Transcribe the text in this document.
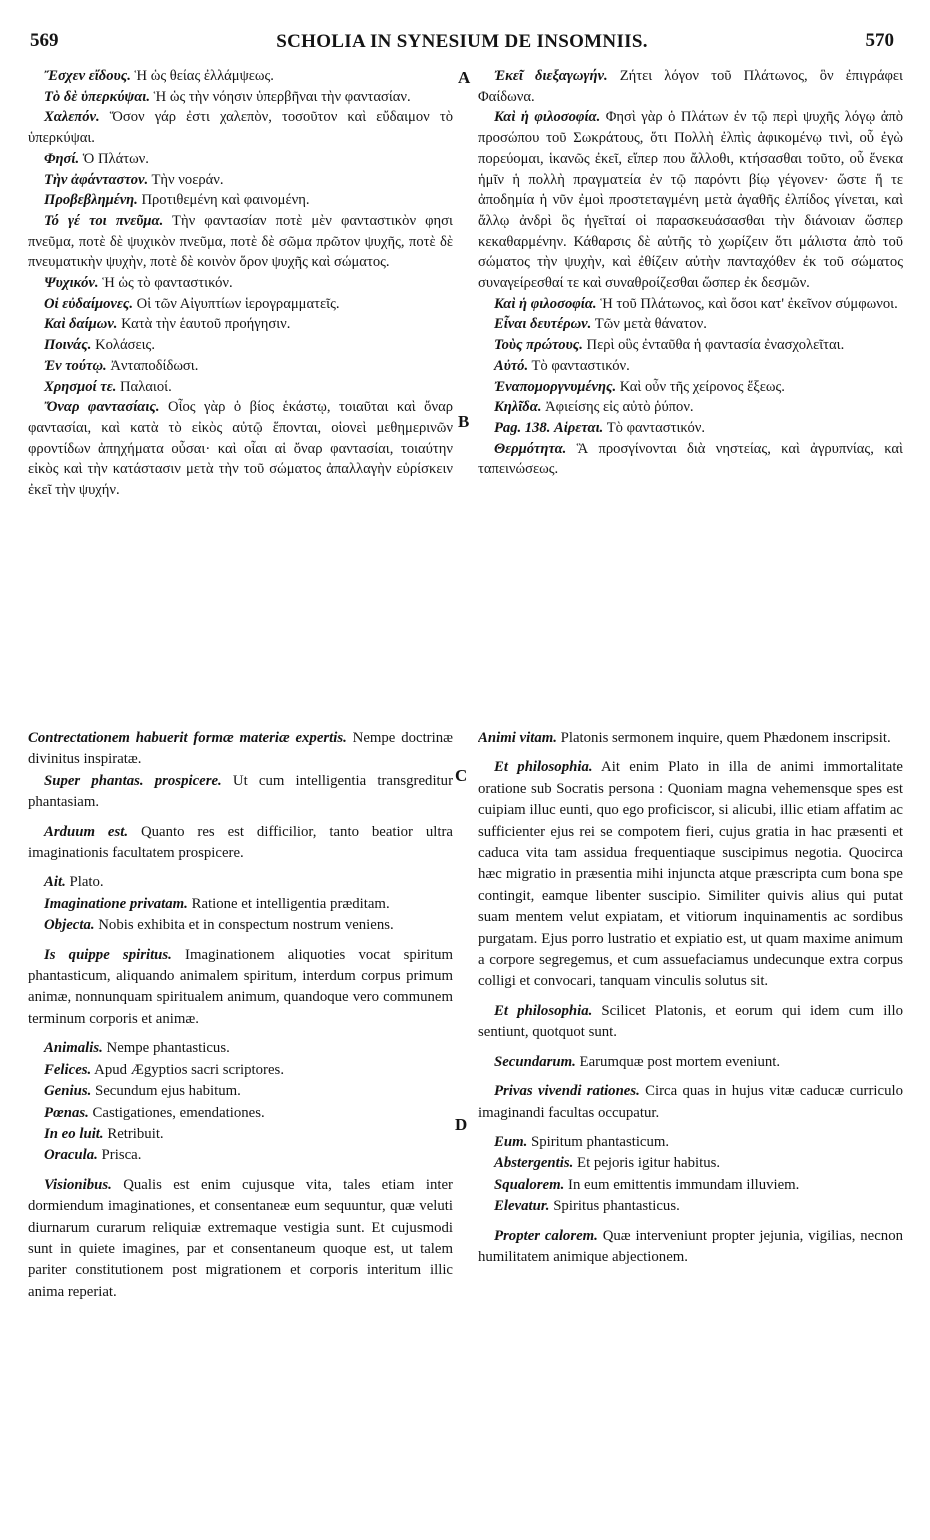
569	SCHOLIA IN SYNESIUM DE INSOMNIIS.	570
A
B
C
D
Ἔσχεν εἴδους. Ἡ ὡς θείας ἐλλάμψεως.
Τὸ δὲ ὑπερκύψαι. Ἡ ὡς τὴν νόησιν ὑπερβῆναι τὴν φαντασίαν.
Χαλεπόν. Ὅσον γάρ ἐστι χαλεπὸν, τοσοῦτον καὶ εὔδαιμον τὸ ὑπερκύψαι.
Φησί. Ὁ Πλάτων.
Τὴν ἀφάνταστον. Τὴν νοεράν.
Προβεβλημένη. Προτιθεμένη καὶ φαινομένη.
Τό γέ τοι πνεῦμα. Τὴν φαντασίαν ποτὲ μὲν φανταστικὸν φησι πνεῦμα, ποτὲ δὲ ψυχικὸν πνεῦμα, ποτὲ δὲ σῶμα πρῶτον ψυχῆς, ποτὲ δὲ πνευματικὴν ψυχὴν, ποτὲ δὲ κοινὸν ὅρον ψυχῆς καὶ σώματος.
Ψυχικόν. Ἡ ὡς τὸ φανταστικόν.
Οἱ εὐδαίμονες. Οἱ τῶν Αἰγυπτίων ἱερογραμματεῖς.
Καὶ δαίμων. Κατὰ τὴν ἑαυτοῦ προήγησιν.
Ποινάς. Κολάσεις.
Ἐν τούτῳ. Ἀνταποδίδωσι.
Χρησμοί τε. Παλαιοί.
Ὄναρ φαντασίαις. Οἷος γὰρ ὁ βίος ἑκάστῳ, τοιαῦται καὶ ὄναρ φαντασίαι, καὶ κατὰ τὸ εἰκὸς αὐτῷ ἕπονται, οἱονεὶ μεθημερινῶν φροντίδων ἀπηχήματα οὖσαι· καὶ οἷαι αἱ ὄναρ φαντασίαι, τοιαύτην εἰκὸς καὶ τὴν κατάστασιν μετὰ τὴν τοῦ σώματος ἀπαλλαγὴν εὑρίσκειν ἐκεῖ τὴν ψυχήν.
Ἐκεῖ διεξαγωγήν. Ζήτει λόγον τοῦ Πλάτωνος, ὃν ἐπιγράφει Φαίδωνα.
Καὶ ἡ φιλοσοφία. Φησὶ γὰρ ὁ Πλάτων ἐν τῷ περὶ ψυχῆς λόγῳ ἀπὸ προσώπου τοῦ Σωκράτους, ὅτι Πολλὴ ἐλπὶς ἀφικομένῳ τινὶ, οὗ ἐγὼ πορεύομαι, ἱκανῶς ἐκεῖ, εἴπερ που ἄλλοθι, κτήσασθαι τοῦτο, οὗ ἕνεκα ἡμῖν ἡ πολλὴ πραγματεία ἐν τῷ παρόντι βίῳ γέγονεν· ὥστε ἥ τε ἀποδημία ἡ νῦν ἐμοὶ προστεταγμένη μετὰ ἀγαθῆς ἐλπίδος γίνεται, καὶ ἄλλῳ ἀνδρὶ ὃς ἡγεῖταί οἱ παρασκευάσασθαι τὴν διάνοιαν ὥσπερ κεκαθαρμένην. Κάθαρσις δὲ αὐτῆς τὸ χωρίζειν ὅτι μάλιστα ἀπὸ τοῦ σώματος τὴν ψυχὴν, καὶ ἐθίζειν αὐτὴν πανταχόθεν ἐκ τοῦ σώματος συναγείρεσθαί τε καὶ συναθροίζεσθαι ὥσπερ ἐκ δεσμῶν.
Καὶ ἡ φιλοσοφία. Ἡ τοῦ Πλάτωνος, καὶ ὅσοι κατ' ἐκεῖνον σύμφωνοι.
Εἶναι δευτέρων. Τῶν μετὰ θάνατον.
Τοὺς πρώτους. Περὶ οὓς ἐνταῦθα ἡ φαντασία ἐνασχολεῖται.
Αὐτό. Τὸ φανταστικόν.
Ἐναπομοργνυμένης. Καὶ οὖν τῆς χείρονος ἕξεως.
Κηλῖδα. Ἀφιείσης εἰς αὐτὸ ῥύπον.
Pag. 138. Αἱρεται. Τὸ φανταστικόν.
Θερμότητα. Ἃ προσγίνονται διὰ νηστείας, καὶ ἀγρυπνίας, καὶ ταπεινώσεως.
Contrectationem habuerit formæ materiæ expertis. Nempe doctrinæ divinitus inspiratæ.
Super phantas. prospicere. Ut cum intelligentia transgreditur phantasiam.
Arduum est. Quanto res est difficilior, tanto beatior ultra imaginationis facultatem prospicere.
Ait. Plato.
Imaginatione privatam. Ratione et intelligentia præditam.
Objecta. Nobis exhibita et in conspectum nostrum veniens.
Is quippe spiritus. Imaginationem aliquoties vocat spiritum phantasticum, aliquando animalem spiritum, interdum corpus primum animæ, nonnunquam spiritualem animum, quandoque vero communem terminum corporis et animæ.
Animalis. Nempe phantasticus.
Felices. Apud Ægyptios sacri scriptores.
Genius. Secundum ejus habitum.
Pœnas. Castigationes, emendationes.
In eo luit. Retribuit.
Oracula. Prisca.
Visionibus. Qualis est enim cujusque vita, tales etiam inter dormiendum imaginationes, et consentaneæ eum sequuntur, quæ veluti diurnarum curarum reliquiæ extremaque vestigia sunt. Et cujusmodi sunt in quiete imagines, par et consentaneum quoque est, ut talem pariter constitutionem post migrationem et corporis interitum illic anima reperiat.
Animi vitam. Platonis sermonem inquire, quem Phædonem inscripsit.
Et philosophia. Ait enim Plato in illa de animi immortalitate oratione sub Socratis persona : Quoniam magna vehemensque spes est cuipiam illuc eunti, quo ego proficiscor, si alicubi, illic etiam affatim ac sufficienter ejus rei se compotem fieri, cujus gratia in hac præsenti et caduca vita tam assidua frequentiaque suscipimus negotia. Quocirca hæc migratio in præsentia mihi injuncta atque præscripta cum bona spe contingit, eamque libenter suscipio. Similiter quivis alius qui putat suam mentem velut expiatam, et vitiorum inquinamentis ac sordibus purgatam. Ejus porro lustratio et expiatio est, ut quam maxime animum a corpore segregemus, et cum assuefaciamus undecunque extra corpus colligi et convocari, tanquam vinculis solutus sit.
Et philosophia. Scilicet Platonis, et eorum qui idem cum illo sentiunt, quotquot sunt.
Secundarum. Earumquæ post mortem eveniunt.
Privas vivendi rationes. Circa quas in hujus vitæ caducæ curriculo imaginandi facultas occupatur.
Eum. Spiritum phantasticum.
Abstergentis. Et pejoris igitur habitus.
Squalorem. In eum emittentis immundam illuviem.
Elevatur. Spiritus phantasticus.
Propter calorem. Quæ interveniunt propter jejunia, vigilias, necnon humilitatem animique abjectionem.
